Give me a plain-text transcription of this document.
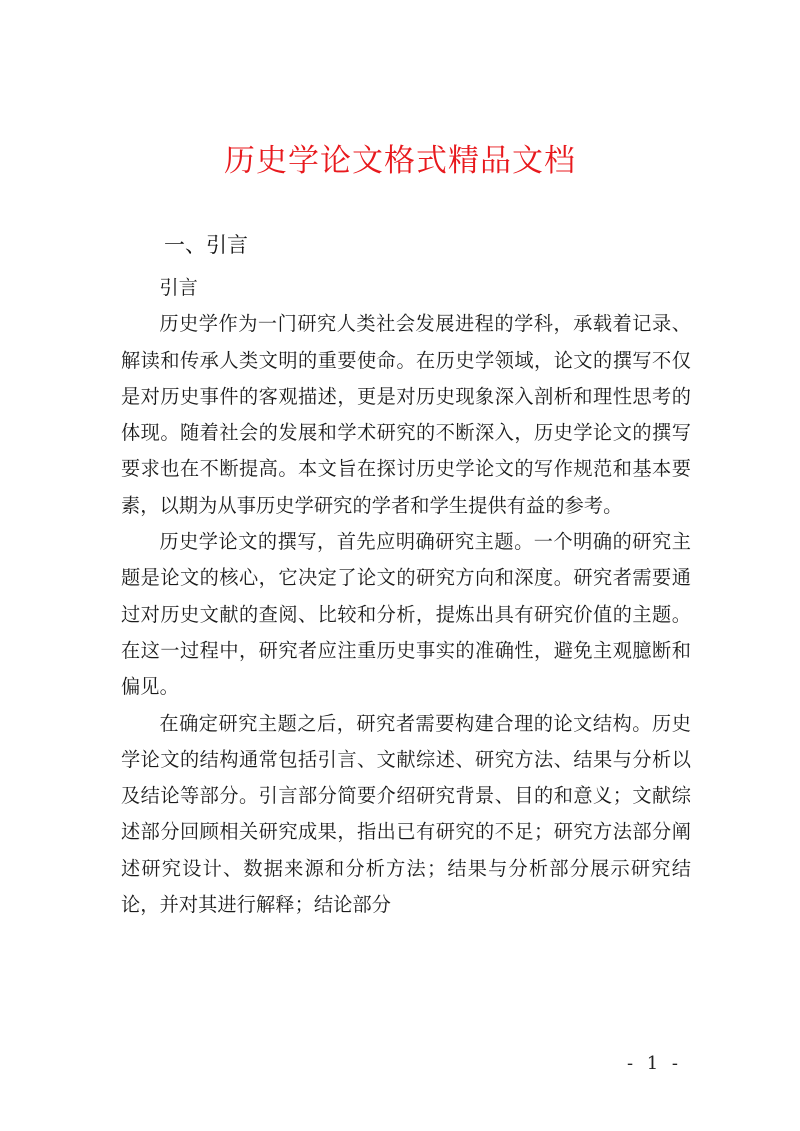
历史学论文格式精品文档
一、引言

引言

历史学作为一门研究人类社会发展进程的学科，承载着记录、解读和传承人类文明的重要使命。在历史学领域，论文的撰写不仅是对历史事件的客观描述，更是对历史现象深入剖析和理性思考的体现。随着社会的发展和学术研究的不断深入，历史学论文的撰写要求也在不断提高。本文旨在探讨历史学论文的写作规范和基本要素，以期为从事历史学研究的学者和学生提供有益的参考。

历史学论文的撰写，首先应明确研究主题。一个明确的研究主题是论文的核心，它决定了论文的研究方向和深度。研究者需要通过对历史文献的查阅、比较和分析，提炼出具有研究价值的主题。在这一过程中，研究者应注重历史事实的准确性，避免主观臆断和偏见。

在确定研究主题之后，研究者需要构建合理的论文结构。历史学论文的结构通常包括引言、文献综述、研究方法、结果与分析以及结论等部分。引言部分简要介绍研究背景、目的和意义；文献综述部分回顾相关研究成果，指出已有研究的不足；研究方法部分阐述研究设计、数据来源和分析方法；结果与分析部分展示研究结论，并对其进行解释；结论部分

- 1 -
